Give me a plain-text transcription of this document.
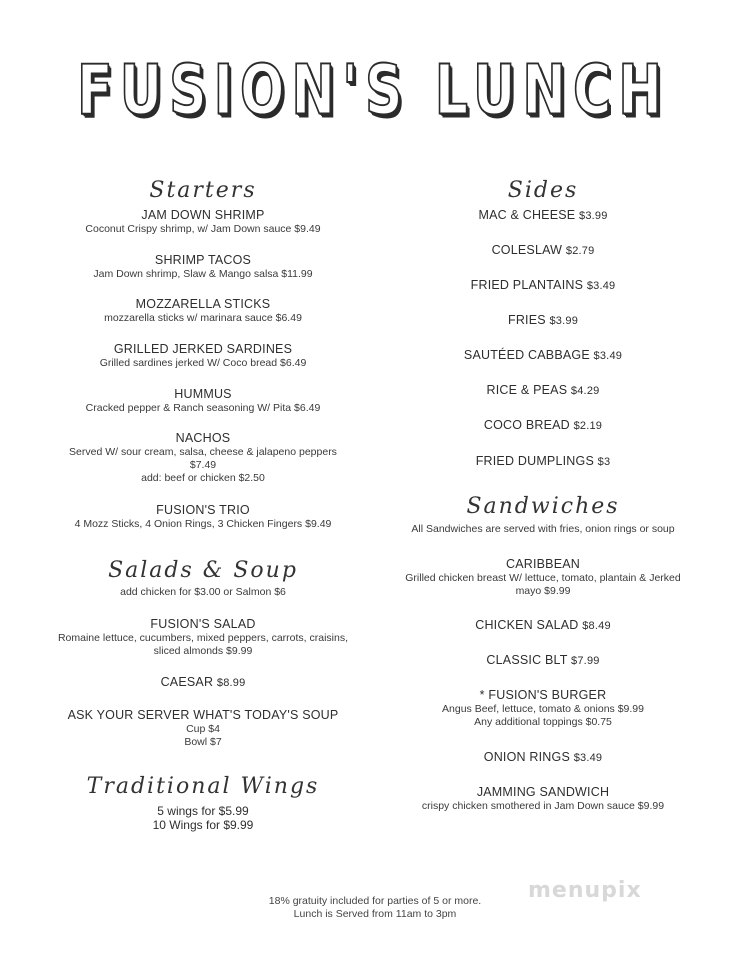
FUSION'S LUNCH
Starters
JAM DOWN SHRIMP
Coconut Crispy shrimp, w/ Jam Down sauce $9.49
SHRIMP TACOS
Jam Down shrimp, Slaw & Mango salsa $11.99
MOZZARELLA STICKS
mozzarella sticks w/ marinara sauce $6.49
GRILLED JERKED SARDINES
Grilled sardines jerked W/ Coco bread $6.49
HUMMUS
Cracked pepper & Ranch seasoning W/ Pita $6.49
NACHOS
Served W/ sour cream, salsa, cheese & jalapeno peppers
$7.49
add: beef or chicken $2.50
FUSION'S TRIO
4 Mozz Sticks, 4 Onion Rings, 3 Chicken Fingers $9.49
Salads & Soup
add chicken for $3.00 or Salmon $6
FUSION'S SALAD
Romaine lettuce, cucumbers, mixed peppers, carrots, craisins,
sliced almonds $9.99
CAESAR $8.99
ASK YOUR SERVER WHAT'S TODAY'S SOUP
Cup $4
Bowl $7
Traditional Wings
5 wings for $5.99
10 Wings for $9.99
Sides
MAC & CHEESE $3.99
COLESLAW $2.79
FRIED PLANTAINS $3.49
FRIES $3.99
SAUTÉED CABBAGE $3.49
RICE & PEAS $4.29
COCO BREAD $2.19
FRIED DUMPLINGS $3
Sandwiches
All Sandwiches are served with fries, onion rings or soup
CARIBBEAN
Grilled chicken breast W/ lettuce, tomato, plantain & Jerked
mayo $9.99
CHICKEN SALAD $8.49
CLASSIC BLT $7.99
* FUSION'S BURGER
Angus Beef, lettuce, tomato & onions $9.99
Any additional toppings $0.75
ONION RINGS $3.49
JAMMING SANDWICH
crispy chicken smothered in Jam Down sauce $9.99
menupix
18% gratuity included for parties of 5 or more.
Lunch is Served from 11am to 3pm
